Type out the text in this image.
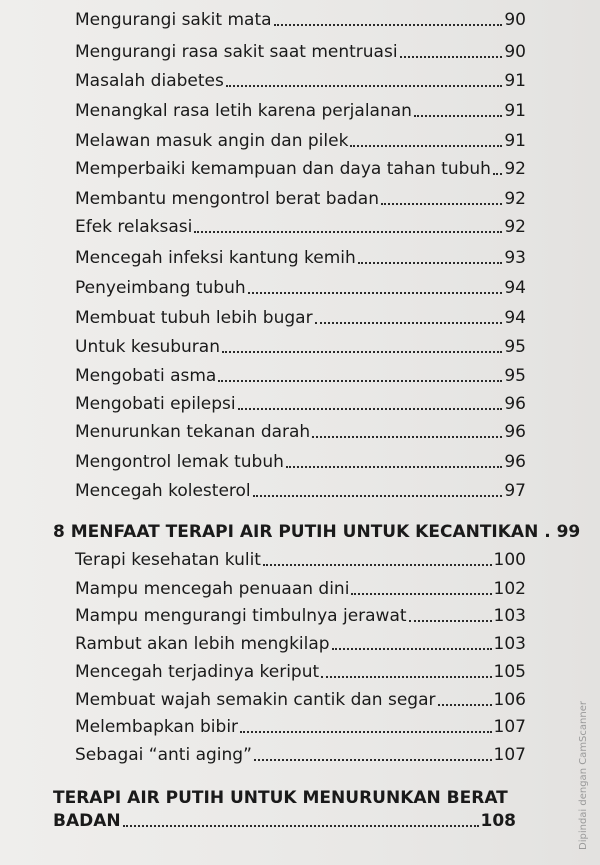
Mengurangi sakit mata	90
Mengurangi rasa sakit saat mentruasi	90
Masalah diabetes	91
Menangkal rasa letih karena perjalanan	91
Melawan masuk angin dan pilek	91
Memperbaiki kemampuan dan daya tahan tubuh 92
Membantu mengontrol berat badan	92
Efek relaksasi	92
Mencegah infeksi kantung kemih	93
Penyeimbang tubuh	94
Membuat tubuh lebih bugar	94
Untuk kesuburan	95
Mengobati asma	95
Mengobati epilepsi	96
Menurunkan tekanan darah	96
Mengontrol lemak tubuh	96
Mencegah kolesterol	97
8 MENFAAT TERAPI AIR PUTIH UNTUK KECANTIKAN . 99
Terapi kesehatan kulit	100
Mampu mencegah penuaan dini	102
Mampu mengurangi timbulnya jerawat	103
Rambut akan lebih mengkilap	103
Mencegah terjadinya keriput	105
Membuat wajah semakin cantik dan segar	106
Melembapkan bibir	107
Sebagai “anti aging”	107
TERAPI AIR PUTIH UNTUK MENURUNKAN BERAT
BADAN	108	Dipindai dengan CamScanner
